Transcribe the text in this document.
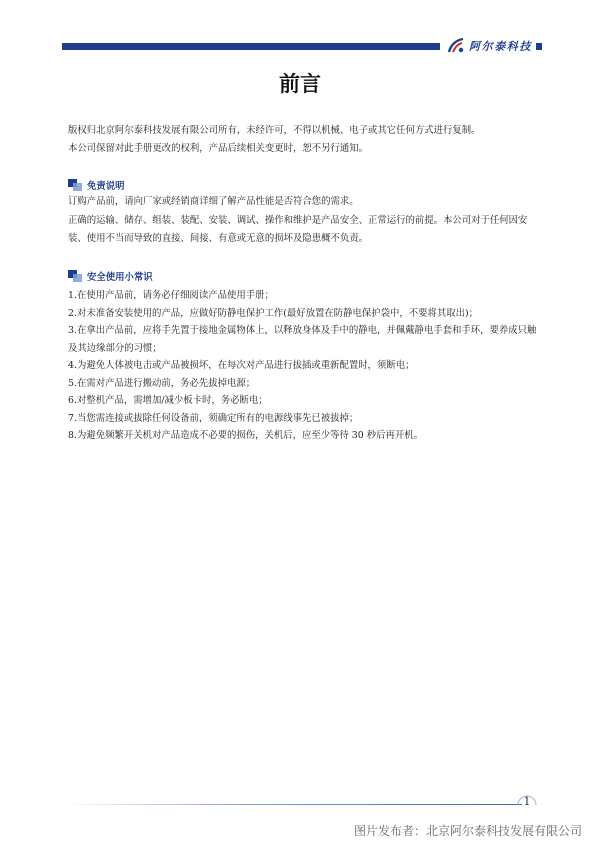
阿尔泰科技
前言

版权归北京阿尔泰科技发展有限公司所有，未经许可，不得以机械、电子或其它任何方式进行复制。

本公司保留对此手册更改的权利，产品后续相关变更时，恕不另行通知。

免责说明

订购产品前，请向厂家或经销商详细了解产品性能是否符合您的需求。

正确的运输、储存、组装、装配、安装、调试、操作和维护是产品安全、正常运行的前提。本公司对于任何因安装、使用不当而导致的直接、间接、有意或无意的损坏及隐患概不负责。

安全使用小常识
1.在使用产品前，请务必仔细阅读产品使用手册；
2.对未准备安装使用的产品，应做好防静电保护工作(最好放置在防静电保护袋中，不要将其取出)；
3.在拿出产品前，应将手先置于接地金属物体上，以释放身体及手中的静电，并佩戴静电手套和手环，要养成只触及其边缘部分的习惯；
4.为避免人体被电击或产品被损坏，在每次对产品进行拔插或重新配置时，须断电；
5.在需对产品进行搬动前，务必先拔掉电源；
6.对整机产品，需增加/减少板卡时，务必断电；
7.当您需连接或拔除任何设备前，须确定所有的电源线事先已被拔掉；
8.为避免频繁开关机对产品造成不必要的损伤，关机后，应至少等待 30 秒后再开机。
1
图片发布者：北京阿尔泰科技发展有限公司
